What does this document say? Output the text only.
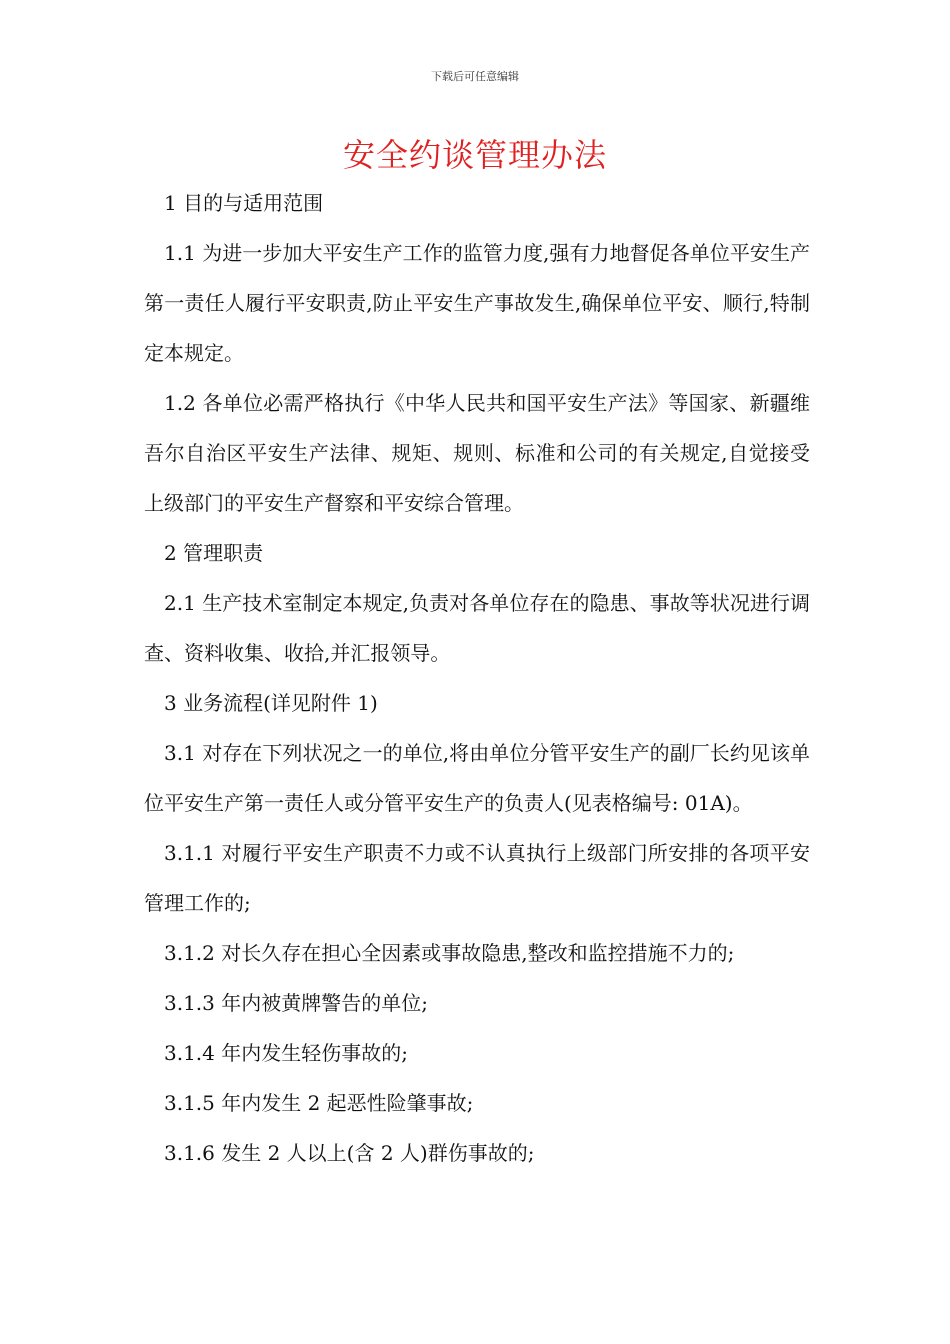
下载后可任意编辑
安全约谈管理办法

1 目的与适用范围

1.1 为进一步加大平安生产工作的监管力度,强有力地督促各单位平安生产第一责任人履行平安职责,防止平安生产事故发生,确保单位平安、顺行,特制定本规定。

1.2 各单位必需严格执行《中华人民共和国平安生产法》等国家、新疆维吾尔自治区平安生产法律、规矩、规则、标准和公司的有关规定,自觉接受上级部门的平安生产督察和平安综合管理。

2 管理职责

2.1 生产技术室制定本规定,负责对各单位存在的隐患、事故等状况进行调查、资料收集、收拾,并汇报领导。

3 业务流程(详见附件 1)

3.1 对存在下列状况之一的单位,将由单位分管平安生产的副厂长约见该单位平安生产第一责任人或分管平安生产的负责人(见表格编号: 01A)。

3.1.1 对履行平安生产职责不力或不认真执行上级部门所安排的各项平安管理工作的;

3.1.2 对长久存在担心全因素或事故隐患,整改和监控措施不力的;

3.1.3 年内被黄牌警告的单位;

3.1.4 年内发生轻伤事故的;

3.1.5 年内发生 2 起恶性险肇事故;

3.1.6 发生 2 人以上(含 2 人)群伤事故的;
